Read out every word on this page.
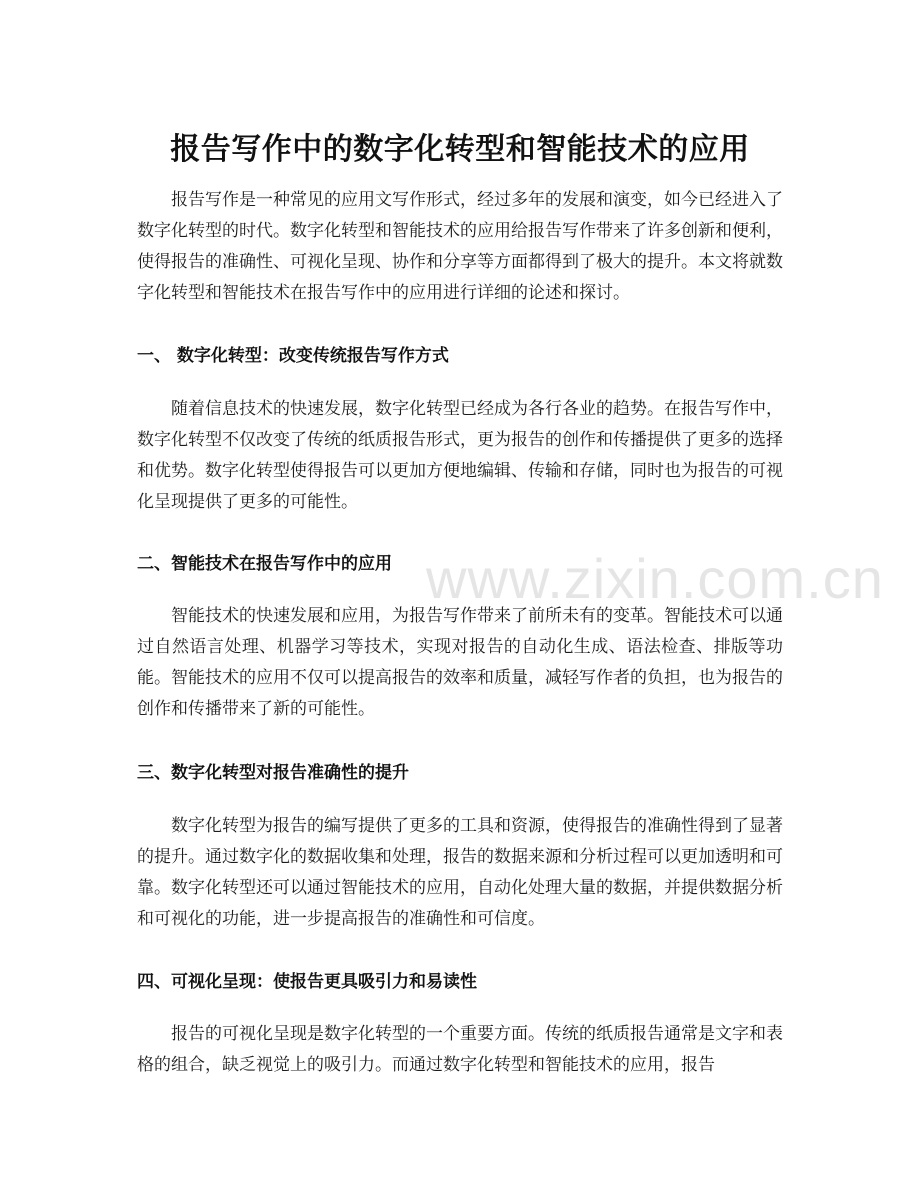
报告写作中的数字化转型和智能技术的应用

报告写作是一种常见的应用文写作形式，经过多年的发展和演变，如今已经进入了数字化转型的时代。数字化转型和智能技术的应用给报告写作带来了许多创新和便利，使得报告的准确性、可视化呈现、协作和分享等方面都得到了极大的提升。本文将就数字化转型和智能技术在报告写作中的应用进行详细的论述和探讨。

一、 数字化转型：改变传统报告写作方式

随着信息技术的快速发展，数字化转型已经成为各行各业的趋势。在报告写作中，数字化转型不仅改变了传统的纸质报告形式，更为报告的创作和传播提供了更多的选择和优势。数字化转型使得报告可以更加方便地编辑、传输和存储，同时也为报告的可视化呈现提供了更多的可能性。

二、智能技术在报告写作中的应用

智能技术的快速发展和应用，为报告写作带来了前所未有的变革。智能技术可以通过自然语言处理、机器学习等技术，实现对报告的自动化生成、语法检查、排版等功能。智能技术的应用不仅可以提高报告的效率和质量，减轻写作者的负担，也为报告的创作和传播带来了新的可能性。

三、数字化转型对报告准确性的提升

数字化转型为报告的编写提供了更多的工具和资源，使得报告的准确性得到了显著的提升。通过数字化的数据收集和处理，报告的数据来源和分析过程可以更加透明和可靠。数字化转型还可以通过智能技术的应用，自动化处理大量的数据，并提供数据分析和可视化的功能，进一步提高报告的准确性和可信度。

四、可视化呈现：使报告更具吸引力和易读性

报告的可视化呈现是数字化转型的一个重要方面。传统的纸质报告通常是文字和表格的组合，缺乏视觉上的吸引力。而通过数字化转型和智能技术的应用，报告

www.zixin.com.cn
